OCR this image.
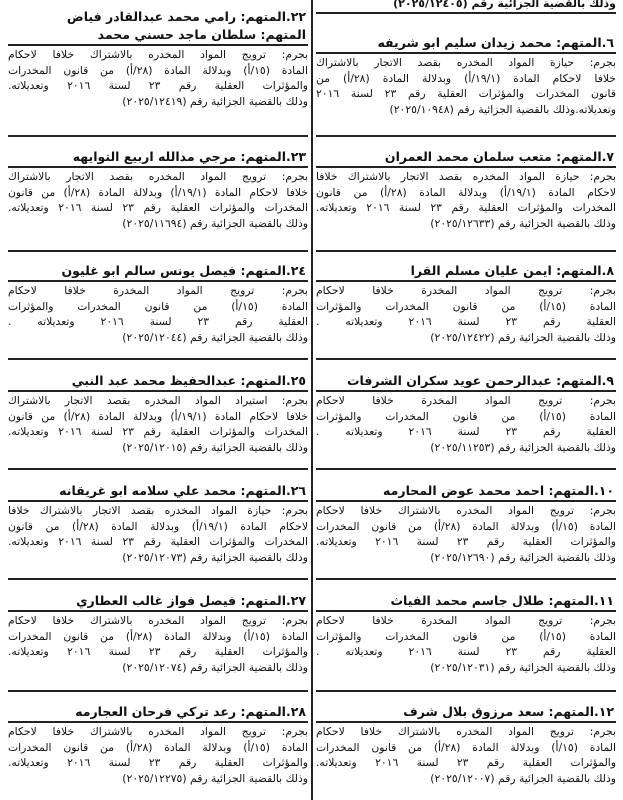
وذلك بالقضية الجزائية رقم (٢٠٢٥/١٢٤٠٥)
٦.المتهم: محمد زيدان سليم ابو شريفه
بجرم: حيازة المواد المخدره بقصد الاتجار بالاشتراك
خلافا لاحكام المادة (١٩/١/أ) وبدلالة المادة (٢٨/أ) من
قانون المخدرات والمؤثرات العقلية رقم ٢٣ لسنة ٢٠١٦
وتعديلاته.وذلك بالقضية الجزائية رقم (٢٠٢٥/١٠٩٤٨)
٧.المتهم: متعب سلمان محمد العمران
بجرم: حيازة المواد المخدره بقصد الاتجار بالاشتراك خلافا
لاحكام المادة (١٩/١/أ) وبدلالة المادة (٢٨/أ) من قانون
المخدرات والمؤثرات العقلية رقم ٢٣ لسنة ٢٠١٦ وتعديلاته.
وذلك بالقضية الجزائية رقم (٢٠٢٥/١٢٦٣٣)
٨.المتهم: ايمن عليان مسلم القرا
بجرم: ترويج المواد المخدرة خلافا لاحكام
المادة (١٥/أ) من قانون المخدرات والمؤثرات
العقلية رقم ٢٣ لسنة ٢٠١٦ وتعديلاته .
وذلك بالقضية الجزائية رقم (٢٠٢٥/١٢٤٢٢)
٩.المتهم: عبدالرحمن عويد سكران الشرفات
بجرم: ترويج المواد المخدرة خلافا لاحكام
المادة (١٥/أ) من قانون المخدرات والمؤثرات
العقلية رقم ٢٣ لسنة ٢٠١٦ وتعديلاته .
وذلك بالقضية الجزائية رقم (٢٠٢٥/١١٢٥٣)
١٠.المتهم: احمد محمد عوض المحارمه
بجرم: ترويج المواد المخدره بالاشتراك خلافا لاحكام
المادة (١٥/أ) وبدلالة المادة (٢٨/أ) من قانون المخدرات
والمؤثرات العقلية رقم ٢٣ لسنة ٢٠١٦ وتعديلاته.
وذلك بالقضية الجزائية رقم (٢٠٢٥/١٢٦٩٠)
١١.المتهم: طلال جاسم محمد الفياث
بجرم: ترويج المواد المخدرة خلافا لاحكام
المادة (١٥/أ) من قانون المخدرات والمؤثرات
العقلية رقم ٢٣ لسنة ٢٠١٦ وتعديلاته .
وذلك بالقضية الجزائية رقم (٢٠٢٥/١٢٠٣١)
١٢.المتهم: سعد مرزوق بلال شرف
بجرم: ترويج المواد المخدره بالاشتراك خلافا لاحكام
المادة (١٥/أ) وبدلالة المادة (٢٨/أ) من قانون المخدرات
والمؤثرات العقلية رقم ٢٣ لسنة ٢٠١٦ وتعديلاته.
وذلك بالقضية الجزائية رقم (٢٠٢٥/١٢٠٠٧)
٢٢.المتهم: رامي محمد عبدالقادر فياض
المتهم: سلطان ماجد حسني محمد
بجرم: ترويج المواد المخدره بالاشتراك خلافا لاحكام
المادة (١٥/أ) وبدلالة المادة (٢٨/أ) من قانون المخدرات
والمؤثرات العقلية رقم ٢٣ لسنة ٢٠١٦ وتعديلاته.
وذلك بالقضية الجزائية رقم (٢٠٢٥/١٢٤١٩)
٢٣.المتهم: مرجي مدالله اربيع التوايهه
بجرم: ترويج المواد المخدره بقصد الاتجار بالاشتراك
خلافا لاحكام المادة (١٩/١/أ) وبدلالة المادة (٢٨/أ) من قانون
المخدرات والمؤثرات العقلية رقم ٢٣ لسنة ٢٠١٦ وتعديلاته.
وذلك بالقضية الجزائية رقم (٢٠٢٥/١١٦٩٤)
٢٤.المتهم: فيصل يونس سالم ابو غليون
بجرم: ترويج المواد المخدرة خلافا لاحكام
المادة (١٥/أ) من قانون المخدرات والمؤثرات
العقلية رقم ٢٣ لسنة ٢٠١٦ وتعديلاته .
وذلك بالقضية الجزائية رقم (٢٠٢٥/١٢٠٤٤)
٢٥.المتهم: عبدالحفيظ محمد عبد النبي
بجرم: استيراد المواد المخدره بقصد الاتجار بالاشتراك
خلافا لاحكام المادة (١٩/١/أ) وبدلالة المادة (٢٨/أ) من قانون
المخدرات والمؤثرات العقلية رقم ٢٣ لسنة ٢٠١٦ وتعديلاته.
وذلك بالقضية الجزائية رقم (٢٠٢٥/١٢٠١٥)
٢٦.المتهم: محمد علي سلامه ابو غريقانه
بجرم: حيازة المواد المخدره بقصد الاتجار بالاشتراك خلافا
لاحكام المادة (١٩/١/أ) وبدلالة المادة (٢٨/أ) من قانون
المخدرات والمؤثرات العقلية رقم ٢٣ لسنة ٢٠١٦ وتعديلاته.
وذلك بالقضية الجزائية رقم (٢٠٢٥/١٢٠٧٣)
٢٧.المتهم: فيصل فواز غالب العطاري
بجرم: ترويج المواد المخدره بالاشتراك خلافا لاحكام
المادة (١٥/أ) وبدلالة المادة (٢٨/أ) من قانون المخدرات
والمؤثرات العقلية رقم ٢٣ لسنة ٢٠١٦ وتعديلاته.
وذلك بالقضية الجزائية رقم (٢٠٢٥/١٢٠٧٤)
٢٨.المتهم: رعد تركي فرحان العجارمه
بجرم: ترويج المواد المخدره بالاشتراك خلافا لاحكام
المادة (١٥/أ) وبدلالة المادة (٢٨/أ) من قانون المخدرات
والمؤثرات العقلية رقم ٢٣ لسنة ٢٠١٦ وتعديلاته.
وذلك بالقضية الجزائية رقم (٢٠٢٥/١٢٢٧٥)
